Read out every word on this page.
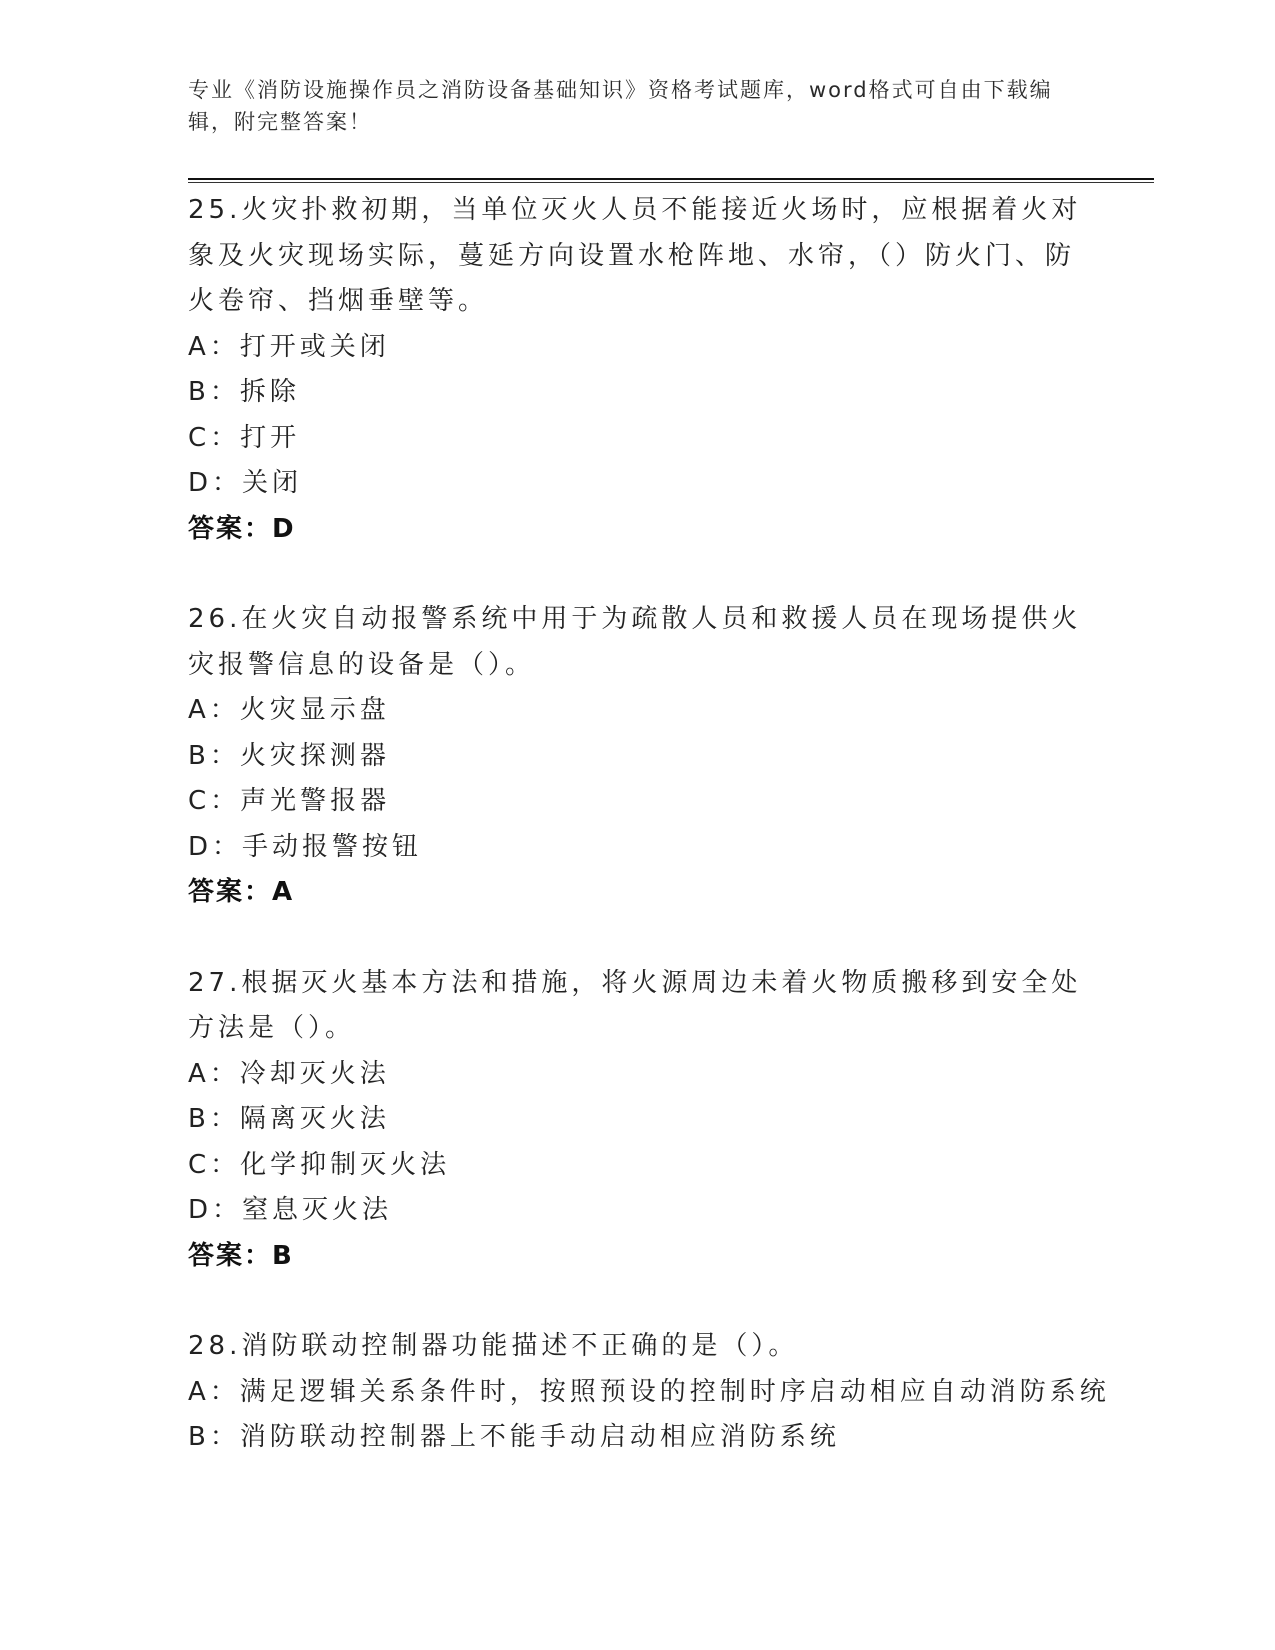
专业《消防设施操作员之消防设备基础知识》资格考试题库，word格式可自由下载编辑，附完整答案！
25.火灾扑救初期，当单位灭火人员不能接近火场时，应根据着火对象及火灾现场实际，蔓延方向设置水枪阵地、水帘，（）防火门、防火卷帘、挡烟垂壁等。
A：打开或关闭
B：拆除
C：打开
D：关闭
答案：D
26.在火灾自动报警系统中用于为疏散人员和救援人员在现场提供火灾报警信息的设备是（）。
A：火灾显示盘
B：火灾探测器
C：声光警报器
D：手动报警按钮
答案：A
27.根据灭火基本方法和措施，将火源周边未着火物质搬移到安全处方法是（）。
A：冷却灭火法
B：隔离灭火法
C：化学抑制灭火法
D：窒息灭火法
答案：B
28.消防联动控制器功能描述不正确的是（）。
A：满足逻辑关系条件时，按照预设的控制时序启动相应自动消防系统
B：消防联动控制器上不能手动启动相应消防系统
